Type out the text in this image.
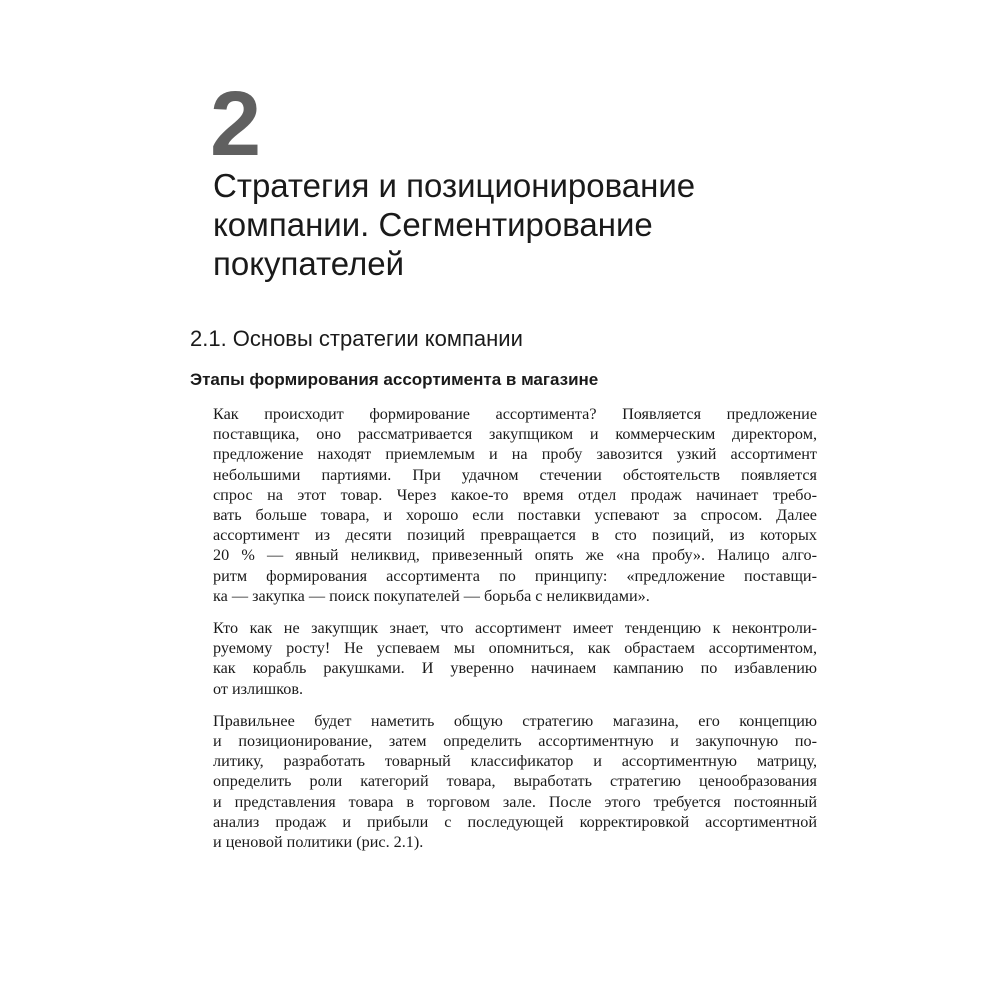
2
Стратегия и позиционирование
компании. Сегментирование
покупателей
2.1. Основы стратегии компании
Этапы формирования ассортимента в магазине

Как происходит формирование ассортимента? Появляется предложение
поставщика, оно рассматривается закупщиком и коммерческим директором,
предложение находят приемлемым и на пробу завозится узкий ассортимент
небольшими партиями. При удачном стечении обстоятельств появляется
спрос на этот товар. Через какое-то время отдел продаж начинает требо-
вать больше товара, и хорошо если поставки успевают за спросом. Далее
ассортимент из десяти позиций превращается в сто позиций, из которых
20 % — явный неликвид, привезенный опять же «на пробу». Налицо алго-
ритм формирования ассортимента по принципу: «предложение поставщи-
ка — закупка — поиск покупателей — борьба с неликвидами».

Кто как не закупщик знает, что ассортимент имеет тенденцию к неконтроли-
руемому росту! Не успеваем мы опомниться, как обрастаем ассортиментом,
как корабль ракушками. И уверенно начинаем кампанию по избавлению
от излишков.

Правильнее будет наметить общую стратегию магазина, его концепцию
и позиционирование, затем определить ассортиментную и закупочную по-
литику, разработать товарный классификатор и ассортиментную матрицу,
определить роли категорий товара, выработать стратегию ценообразования
и представления товара в торговом зале. После этого требуется постоянный
анализ продаж и прибыли с последующей корректировкой ассортиментной
и ценовой политики (рис. 2.1).
